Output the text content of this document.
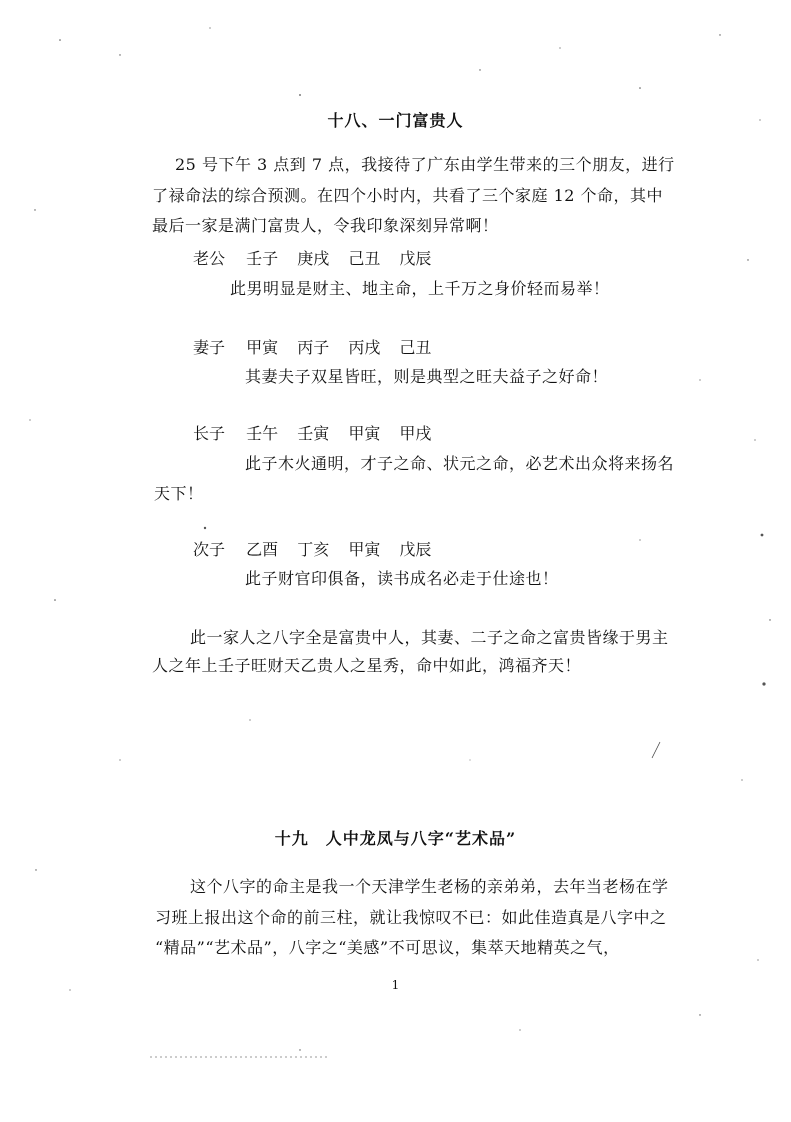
十八、一门富贵人
25 号下午 3 点到 7 点，我接待了广东由学生带来的三个朋友，进行
了禄命法的综合预测。在四个小时内，共看了三个家庭 12 个命，其中
最后一家是满门富贵人，令我印象深刻异常啊！
老公 壬子 庚戌 己丑 戊辰
此男明显是财主、地主命，上千万之身价轻而易举！
妻子 甲寅 丙子 丙戌 己丑
其妻夫子双星皆旺，则是典型之旺夫益子之好命！
长子 壬午 壬寅 甲寅 甲戌
此子木火通明，才子之命、状元之命，必艺术出众将来扬名
天下！
次子 乙酉 丁亥 甲寅 戊辰
此子财官印俱备，读书成名必走于仕途也！
此一家人之八字全是富贵中人，其妻、二子之命之富贵皆缘于男主
人之年上壬子旺财天乙贵人之星秀，命中如此，鸿福齐天！
十九　人中龙凤与八字“艺术品”
这个八字的命主是我一个天津学生老杨的亲弟弟，去年当老杨在学
习班上报出这个命的前三柱，就让我惊叹不已：如此佳造真是八字中之
“精品”“艺术品”，八字之“美感”不可思议，集萃天地精英之气，
1
